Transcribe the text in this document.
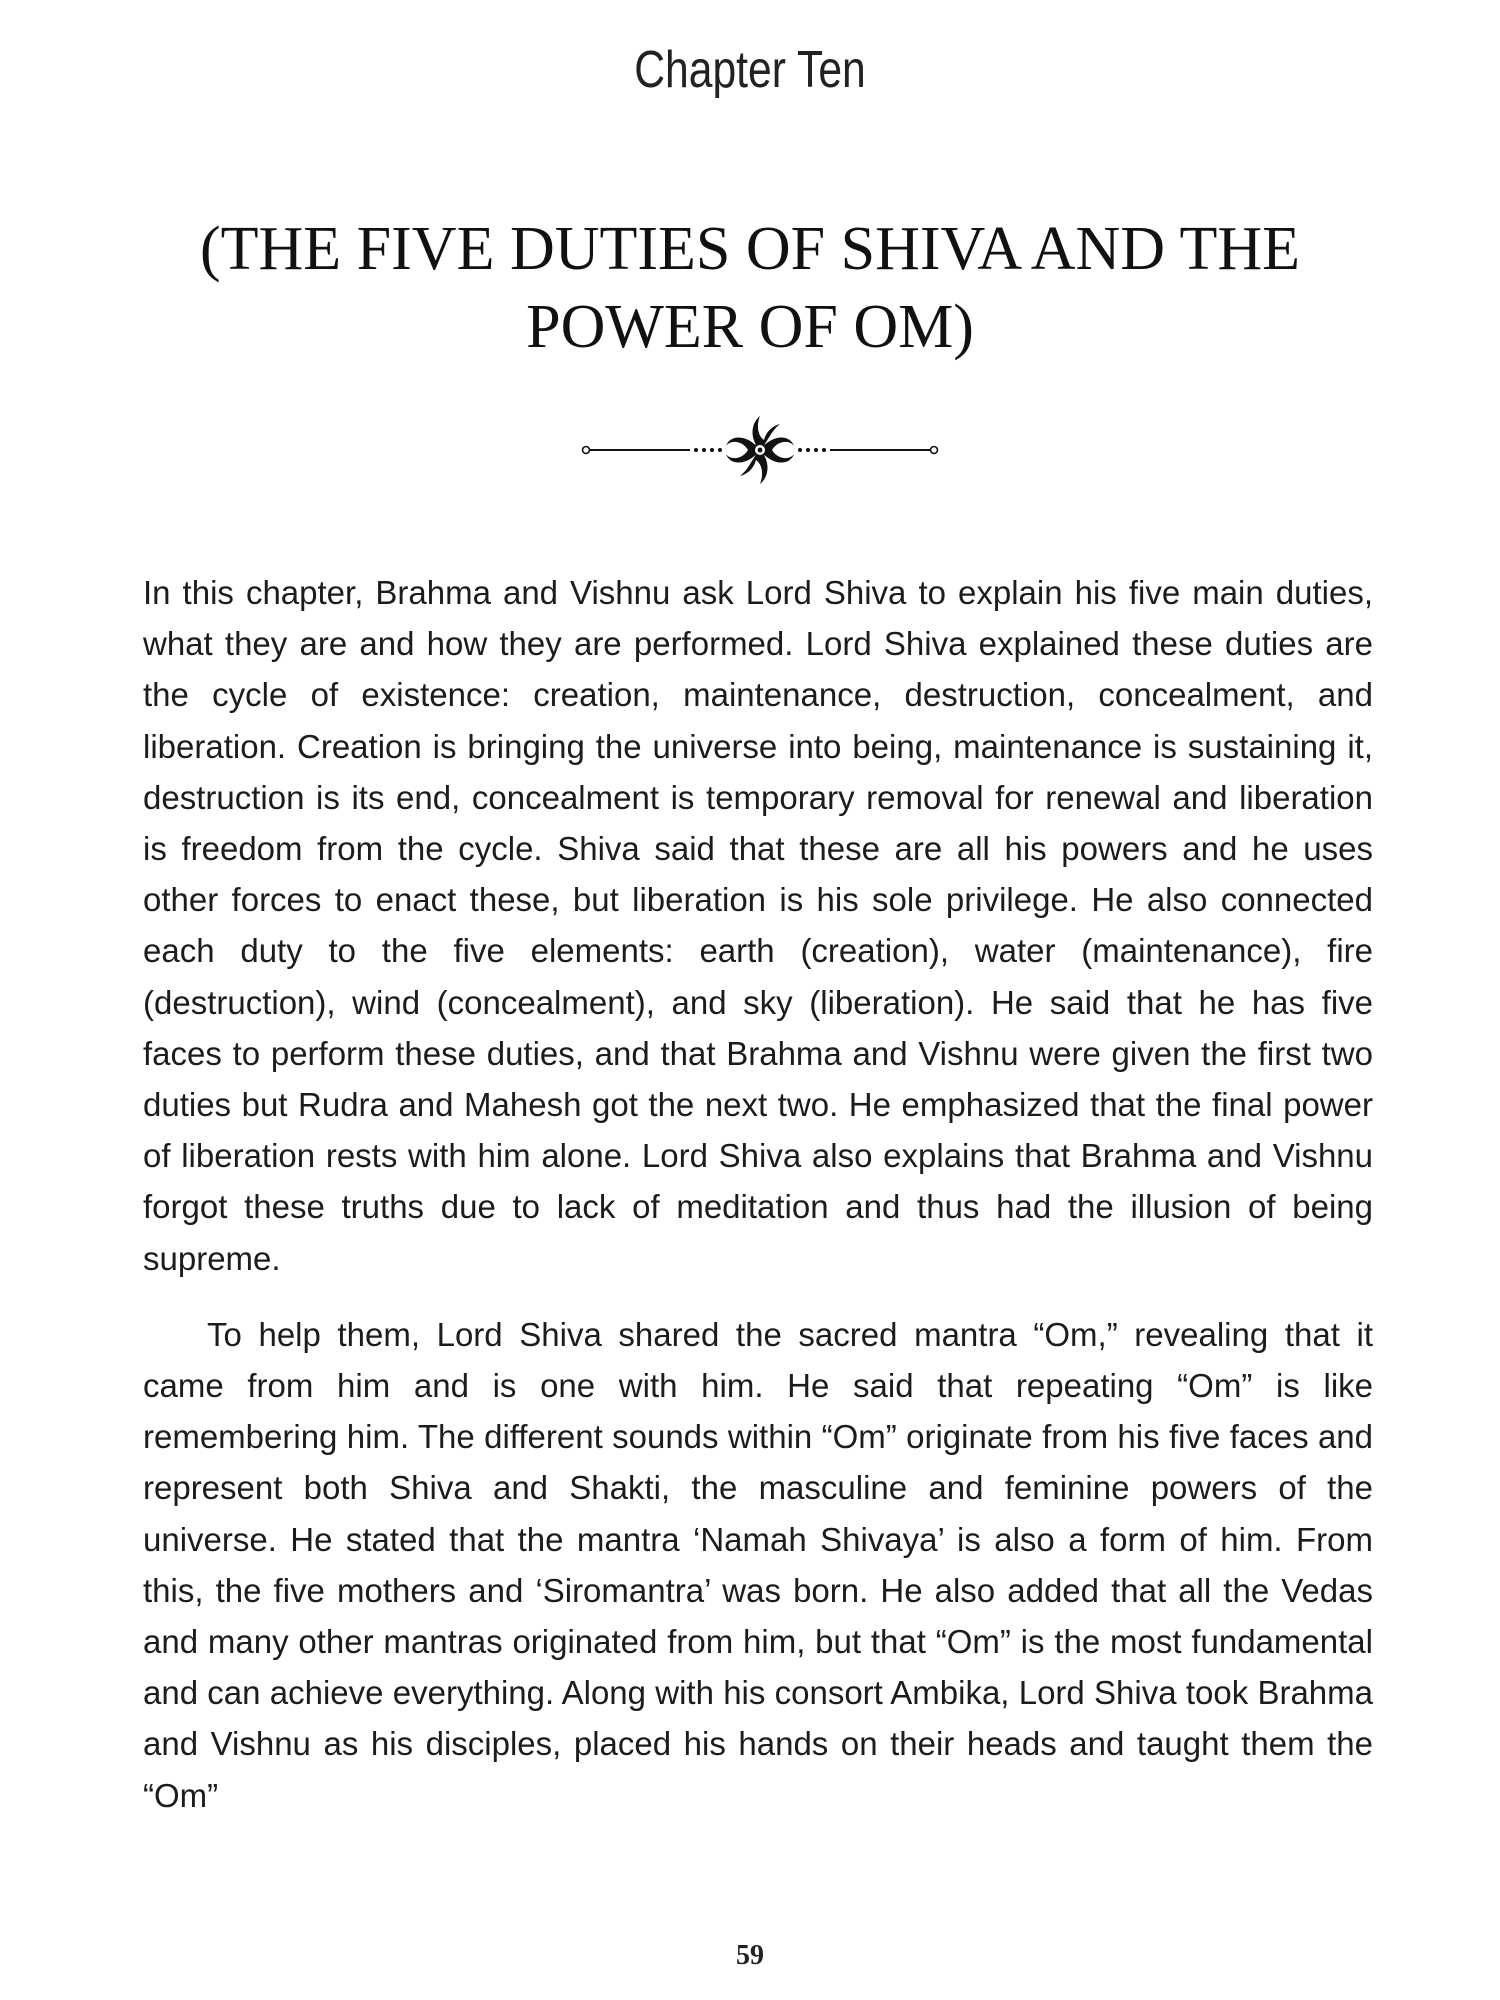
Chapter Ten
(THE FIVE DUTIES OF SHIVA AND THE POWER OF OM)

In this chapter, Brahma and Vishnu ask Lord Shiva to explain his five main duties, what they are and how they are performed. Lord Shiva explained these duties are the cycle of existence: creation, maintenance, destruction, concealment, and liberation. Creation is bringing the universe into being, maintenance is sustaining it, destruction is its end, concealment is temporary removal for renewal and liberation is freedom from the cycle. Shiva said that these are all his powers and he uses other forces to enact these, but liberation is his sole privilege. He also connected each duty to the five elements: earth (creation), water (maintenance), fire (destruction), wind (concealment), and sky (liberation). He said that he has five faces to perform these duties, and that Brahma and Vishnu were given the first two duties but Rudra and Mahesh got the next two. He emphasized that the final power of liberation rests with him alone. Lord Shiva also explains that Brahma and Vishnu forgot these truths due to lack of meditation and thus had the illusion of being supreme.

To help them, Lord Shiva shared the sacred mantra “Om,” revealing that it came from him and is one with him. He said that repeating “Om” is like remembering him. The different sounds within “Om” originate from his five faces and represent both Shiva and Shakti, the masculine and feminine powers of the universe. He stated that the mantra ‘Namah Shivaya’ is also a form of him. From this, the five mothers and ‘Siromantra’ was born. He also added that all the Vedas and many other mantras originated from him, but that “Om” is the most fundamental and can achieve everything. Along with his consort Ambika, Lord Shiva took Brahma and Vishnu as his disciples, placed his hands on their heads and taught them the “Om”

59
